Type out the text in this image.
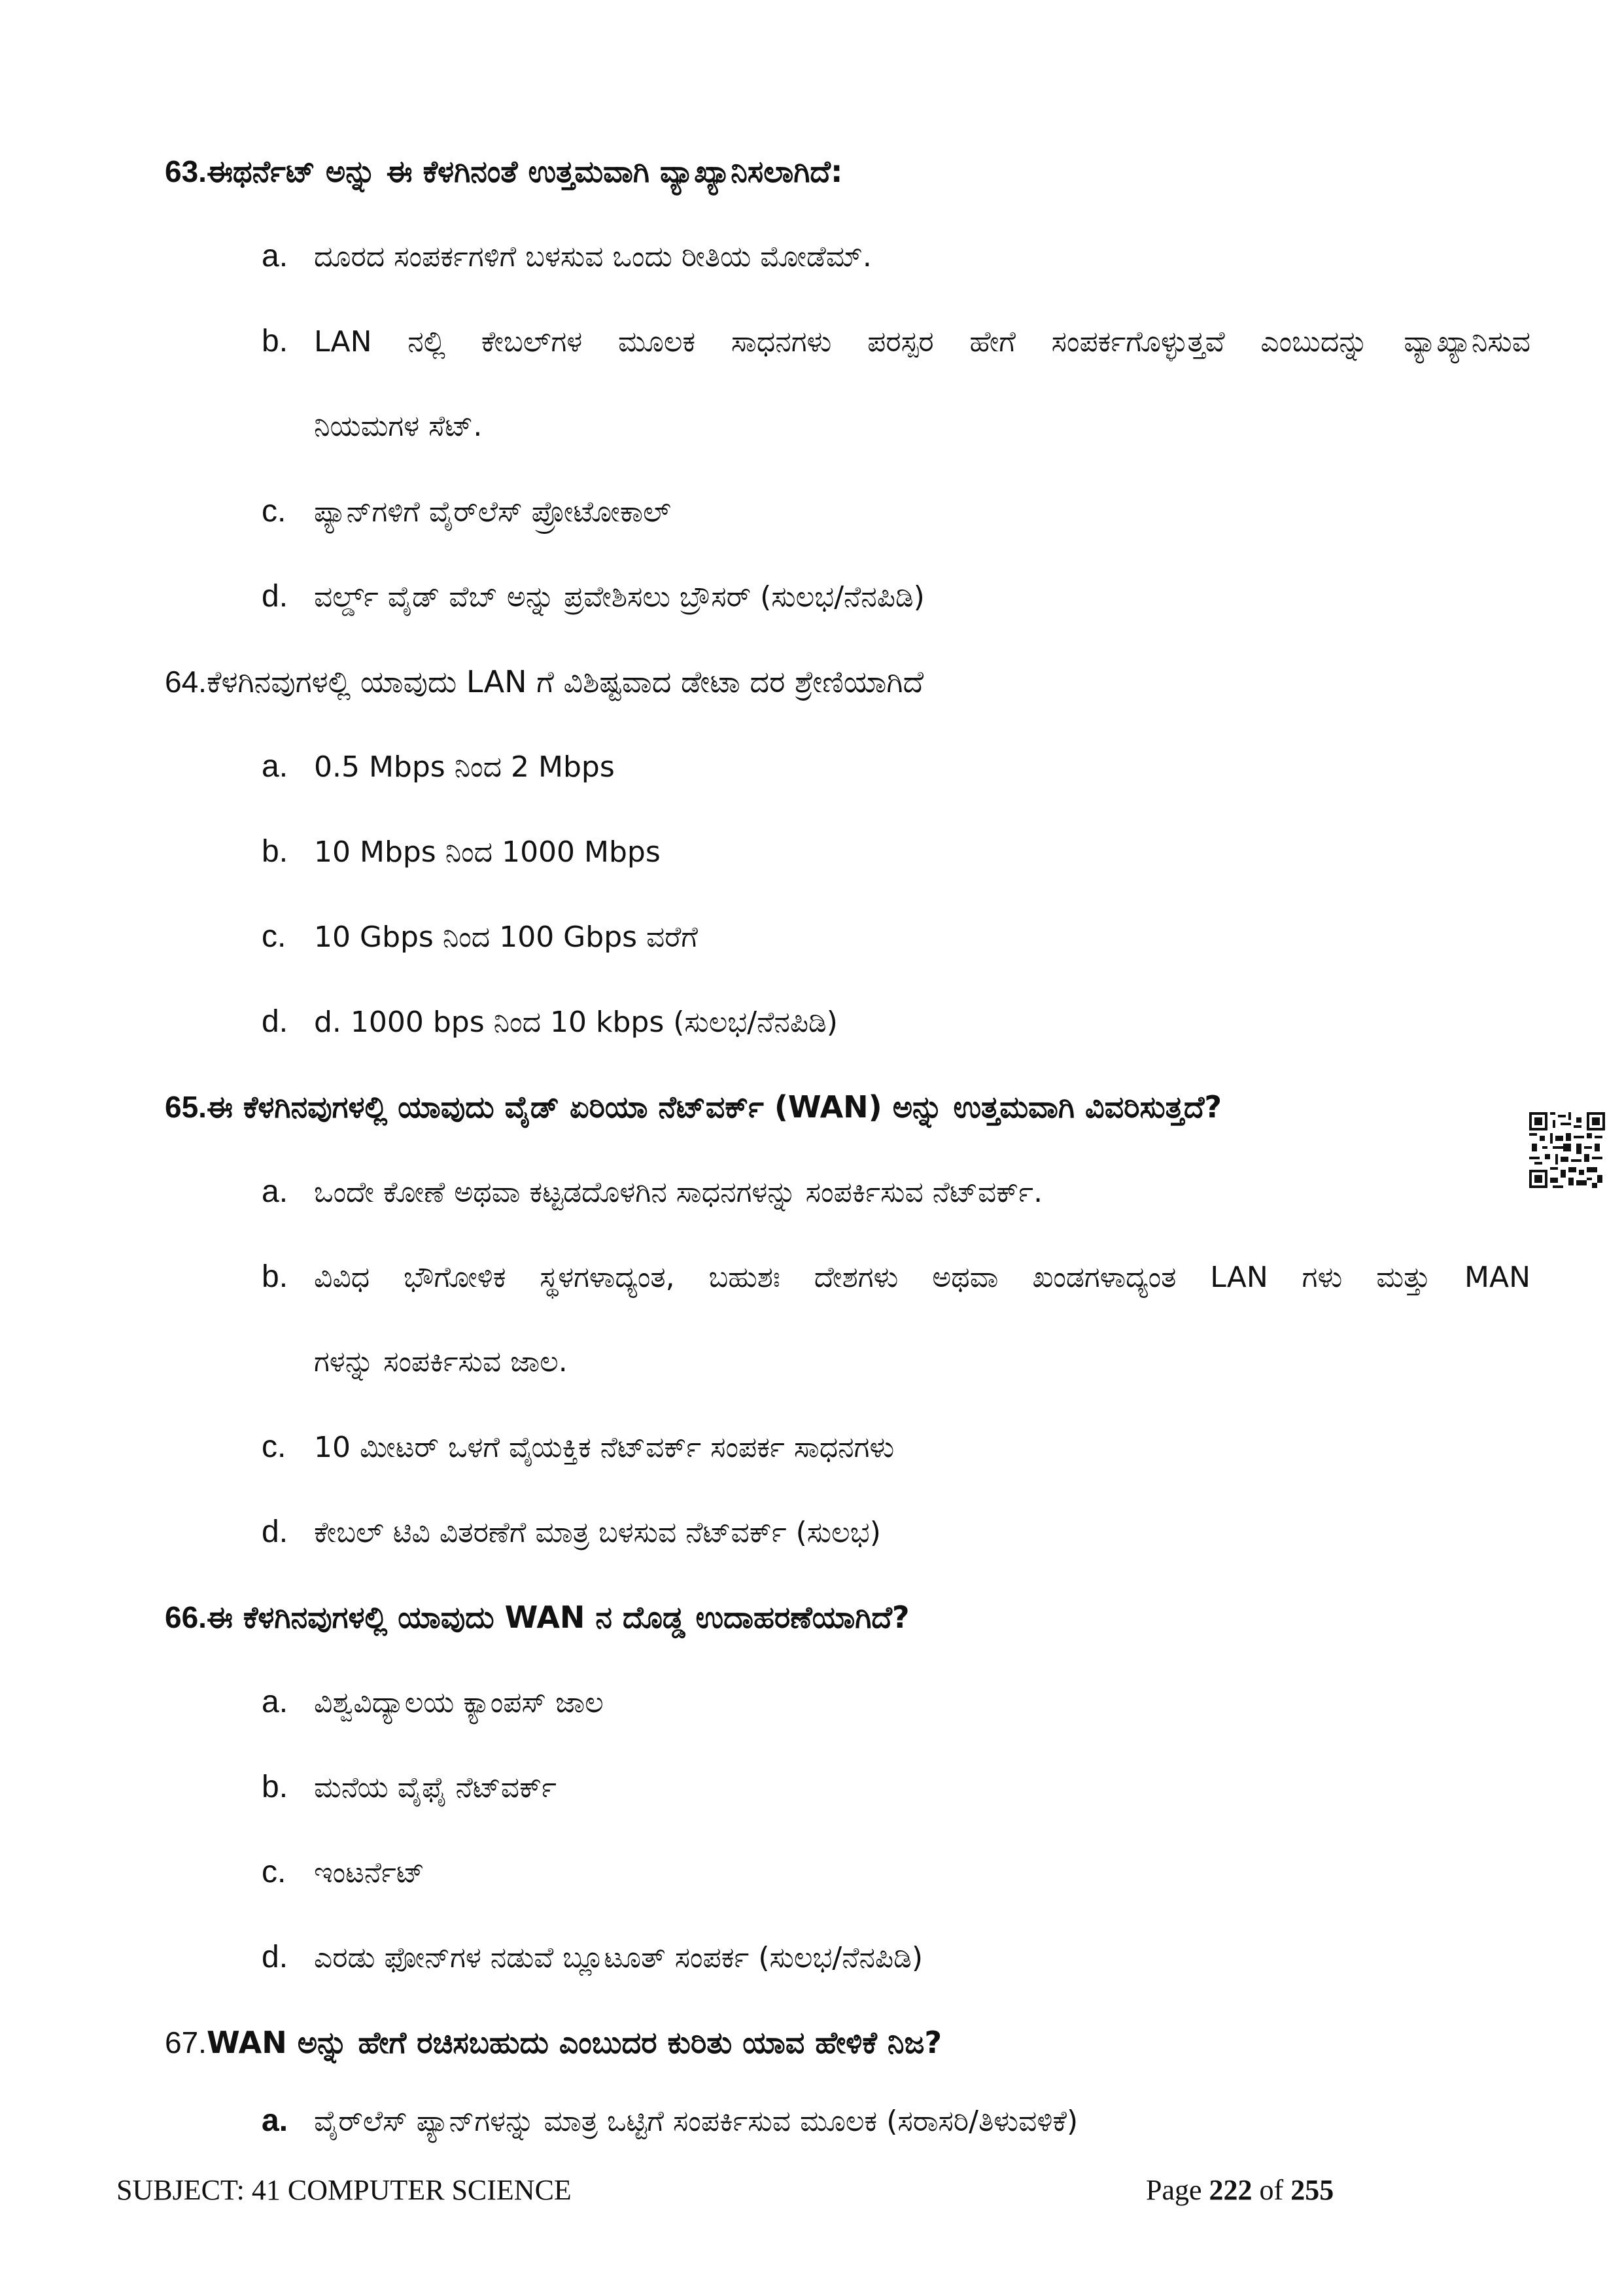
63.ಈಥರ್ನೆಟ್ ಅನ್ನು ಈ ಕೆಳಗಿನಂತೆ ಉತ್ತಮವಾಗಿ ವ್ಯಾಖ್ಯಾನಿಸಲಾಗಿದೆ:
a. ದೂರದ ಸಂಪರ್ಕಗಳಿಗೆ ಬಳಸುವ ಒಂದು ರೀತಿಯ ಮೋಡೆಮ್.
b. LAN ನಲ್ಲಿ ಕೇಬಲ್‌ಗಳ ಮೂಲಕ ಸಾಧನಗಳು ಪರಸ್ಪರ ಹೇಗೆ ಸಂಪರ್ಕಗೊಳ್ಳುತ್ತವೆ ಎಂಬುದನ್ನು ವ್ಯಾಖ್ಯಾನಿಸುವ
ನಿಯಮಗಳ ಸೆಟ್.
c. ಪ್ಯಾನ್‌ಗಳಿಗೆ ವೈರ್‌ಲೆಸ್ ಪ್ರೋಟೋಕಾಲ್
d. ವರ್ಲ್ಡ್ ವೈಡ್ ವೆಬ್ ಅನ್ನು ಪ್ರವೇಶಿಸಲು ಬ್ರೌಸರ್ (ಸುಲಭ/ನೆನಪಿಡಿ)
64.ಕೆಳಗಿನವುಗಳಲ್ಲಿ ಯಾವುದು LAN ಗೆ ವಿಶಿಷ್ಟವಾದ ಡೇಟಾ ದರ ಶ್ರೇಣಿಯಾಗಿದೆ
a. 0.5 Mbps ನಿಂದ 2 Mbps
b. 10 Mbps ನಿಂದ 1000 Mbps
c. 10 Gbps ನಿಂದ 100 Gbps ವರೆಗೆ
d. d. 1000 bps ನಿಂದ 10 kbps (ಸುಲಭ/ನೆನಪಿಡಿ)
65.ಈ ಕೆಳಗಿನವುಗಳಲ್ಲಿ ಯಾವುದು ವೈಡ್ ಏರಿಯಾ ನೆಟ್‌ವರ್ಕ್ (WAN) ಅನ್ನು ಉತ್ತಮವಾಗಿ ವಿವರಿಸುತ್ತದೆ?
a. ಒಂದೇ ಕೋಣೆ ಅಥವಾ ಕಟ್ಟಡದೊಳಗಿನ ಸಾಧನಗಳನ್ನು ಸಂಪರ್ಕಿಸುವ ನೆಟ್‌ವರ್ಕ್.
b. ವಿವಿಧ ಭೌಗೋಳಿಕ ಸ್ಥಳಗಳಾದ್ಯಂತ, ಬಹುಶಃ ದೇಶಗಳು ಅಥವಾ ಖಂಡಗಳಾದ್ಯಂತ LAN ಗಳು ಮತ್ತು MAN
ಗಳನ್ನು ಸಂಪರ್ಕಿಸುವ ಜಾಲ.
c. 10 ಮೀಟರ್ ಒಳಗೆ ವೈಯಕ್ತಿಕ ನೆಟ್‌ವರ್ಕ್ ಸಂಪರ್ಕ ಸಾಧನಗಳು
d. ಕೇಬಲ್ ಟಿವಿ ವಿತರಣೆಗೆ ಮಾತ್ರ ಬಳಸುವ ನೆಟ್‌ವರ್ಕ್ (ಸುಲಭ)
66.ಈ ಕೆಳಗಿನವುಗಳಲ್ಲಿ ಯಾವುದು WAN ನ ದೊಡ್ಡ ಉದಾಹರಣೆಯಾಗಿದೆ?
a. ವಿಶ್ವವಿದ್ಯಾಲಯ ಕ್ಯಾಂಪಸ್ ಜಾಲ
b. ಮನೆಯ ವೈಫೈ ನೆಟ್‌ವರ್ಕ್
c. ಇಂಟರ್ನೆಟ್
d. ಎರಡು ಫೋನ್‌ಗಳ ನಡುವೆ ಬ್ಲೂಟೂತ್ ಸಂಪರ್ಕ (ಸುಲಭ/ನೆನಪಿಡಿ)
67.WAN ಅನ್ನು ಹೇಗೆ ರಚಿಸಬಹುದು ಎಂಬುದರ ಕುರಿತು ಯಾವ ಹೇಳಿಕೆ ನಿಜ?
a. ವೈರ್‌ಲೆಸ್ ಪ್ಯಾನ್‌ಗಳನ್ನು ಮಾತ್ರ ಒಟ್ಟಿಗೆ ಸಂಪರ್ಕಿಸುವ ಮೂಲಕ (ಸರಾಸರಿ/ತಿಳುವಳಿಕೆ)
SUBJECT: 41 COMPUTER SCIENCE	Page 222 of 255
